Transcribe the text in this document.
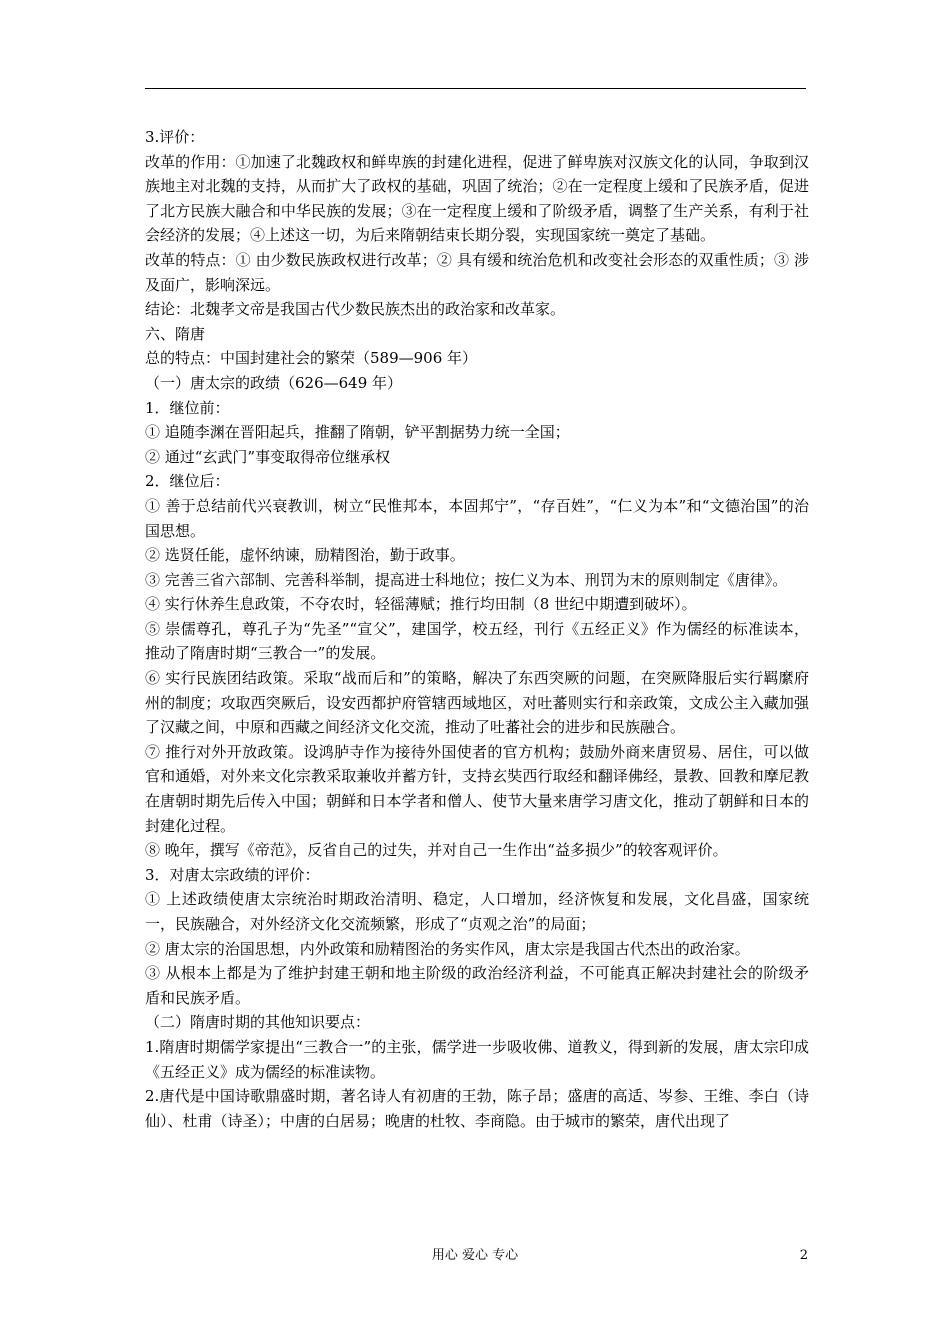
3.评价：

改革的作用：①加速了北魏政权和鲜卑族的封建化进程，促进了鲜卑族对汉族文化的认同，争取到汉族地主对北魏的支持，从而扩大了政权的基础，巩固了统治；②在一定程度上缓和了民族矛盾，促进了北方民族大融合和中华民族的发展；③在一定程度上缓和了阶级矛盾，调整了生产关系，有利于社会经济的发展；④上述这一切，为后来隋朝结束长期分裂，实现国家统一奠定了基础。

改革的特点：① 由少数民族政权进行改革；② 具有缓和统治危机和改变社会形态的双重性质；③ 涉及面广，影响深远。

结论：北魏孝文帝是我国古代少数民族杰出的政治家和改革家。

六、隋唐

总的特点：中国封建社会的繁荣（589—906 年）

（一）唐太宗的政绩（626—649 年）

1．继位前：

① 追随李渊在晋阳起兵，推翻了隋朝，铲平割据势力统一全国；

② 通过“玄武门”事变取得帝位继承权

2．继位后：

① 善于总结前代兴衰教训，树立“民惟邦本，本固邦宁”，“存百姓”，“仁义为本”和“文德治国”的治国思想。

② 选贤任能，虚怀纳谏，励精图治，勤于政事。

③ 完善三省六部制、完善科举制，提高进士科地位；按仁义为本、刑罚为末的原则制定《唐律》。

④ 实行休养生息政策，不夺农时，轻徭薄赋；推行均田制（8 世纪中期遭到破坏）。

⑤ 崇儒尊孔，尊孔子为“先圣”“宣父”，建国学，校五经，刊行《五经正义》作为儒经的标准读本，推动了隋唐时期“三教合一”的发展。

⑥ 实行民族团结政策。采取“战而后和”的策略，解决了东西突厥的问题，在突厥降服后实行羁縻府州的制度；攻取西突厥后，设安西都护府管辖西域地区，对吐蕃则实行和亲政策，文成公主入藏加强了汉藏之间，中原和西藏之间经济文化交流，推动了吐蕃社会的进步和民族融合。

⑦ 推行对外开放政策。设鸿胪寺作为接待外国使者的官方机构；鼓励外商来唐贸易、居住，可以做官和通婚，对外来文化宗教采取兼收并蓄方针，支持玄奘西行取经和翻译佛经，景教、回教和摩尼教在唐朝时期先后传入中国；朝鲜和日本学者和僧人、使节大量来唐学习唐文化，推动了朝鲜和日本的封建化过程。

⑧ 晚年，撰写《帝范》，反省自己的过失，并对自己一生作出“益多损少”的较客观评价。

3．对唐太宗政绩的评价：

① 上述政绩使唐太宗统治时期政治清明、稳定，人口增加，经济恢复和发展，文化昌盛，国家统一，民族融合，对外经济文化交流频繁，形成了“贞观之治”的局面；

② 唐太宗的治国思想，内外政策和励精图治的务实作风，唐太宗是我国古代杰出的政治家。

③ 从根本上都是为了维护封建王朝和地主阶级的政治经济利益，不可能真正解决封建社会的阶级矛盾和民族矛盾。

（二）隋唐时期的其他知识要点：

1.隋唐时期儒学家提出“三教合一”的主张，儒学进一步吸收佛、道教义，得到新的发展，唐太宗印成《五经正义》成为儒经的标准读物。

2.唐代是中国诗歌鼎盛时期，著名诗人有初唐的王勃，陈子昂；盛唐的高适、岑参、王维、李白（诗仙）、杜甫（诗圣）；中唐的白居易；晚唐的杜牧、李商隐。由于城市的繁荣，唐代出现了

用心 爱心 专心	2
